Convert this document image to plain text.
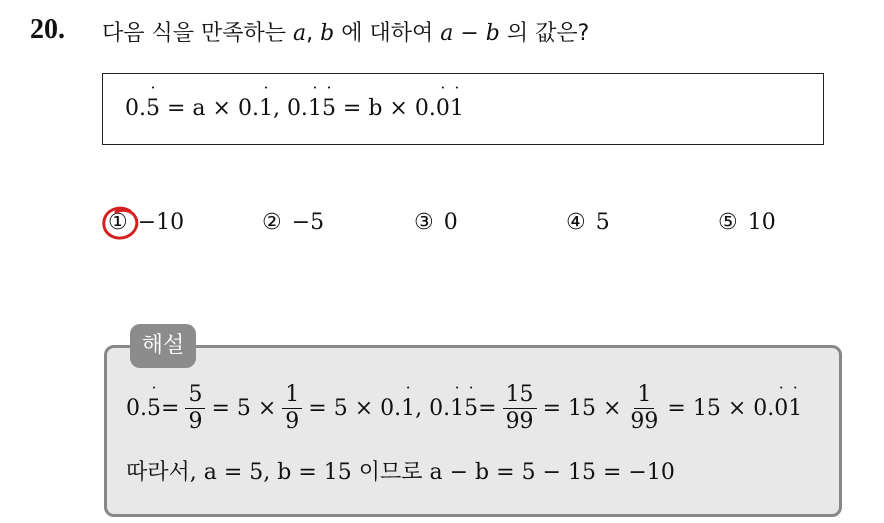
20. 다음 식을 만족하는 a, b 에 대하여 a − b 의 값은?
0.5 ˙ = a × 0.1 ˙, 0.1 ˙5 ˙ = b × 0.0 ˙1 ˙
① −10	② −5	③ 0	④ 5	⑤ 10
해설
0. 5 ˙ = $\frac{5}{9} = 5 \times \frac{1}{9} = 5 \times 0$. 1 ˙ , 0. 1 ˙ 5 ˙ = $\frac{15}{99} = 15 \times \frac{1}{99} = 15 \times 0$. 0 ˙ 1 ˙
따라서, a = 5, b = 15 이므로 a − b = 5 − 15 = −10
